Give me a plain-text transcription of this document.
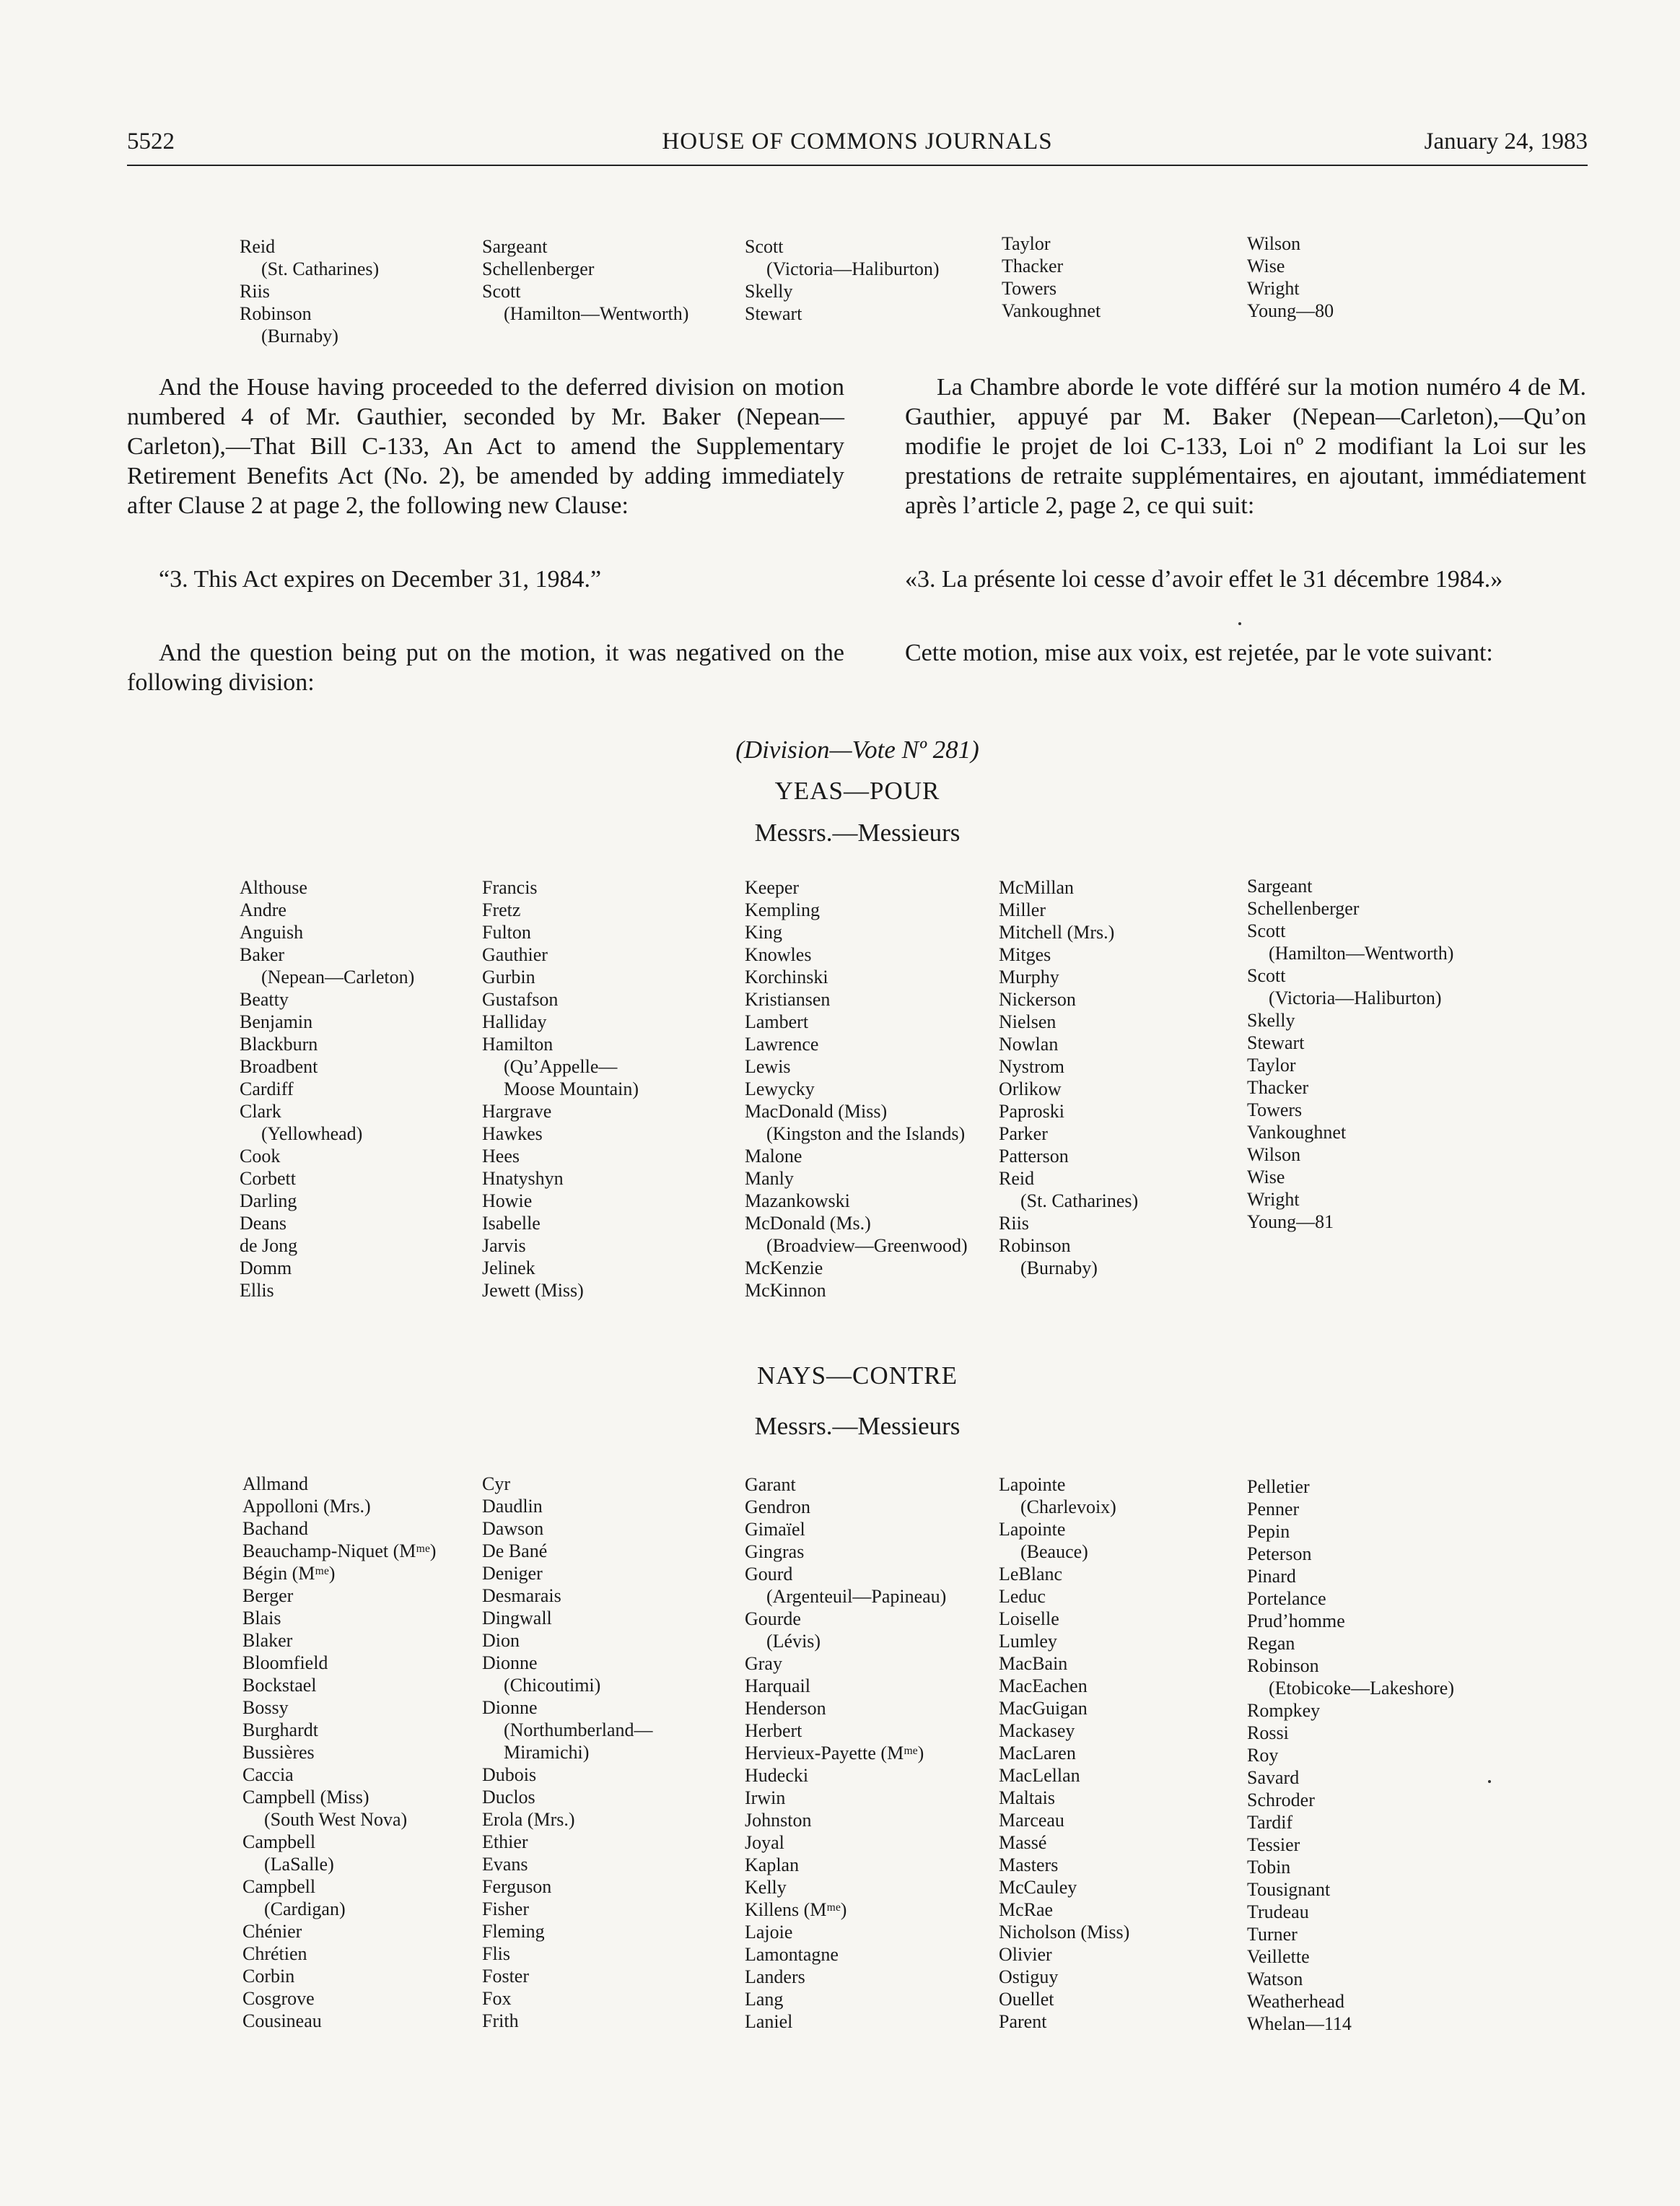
5522	HOUSE OF COMMONS JOURNALS	January 24, 1983
Reid
(St. Catharines)
Riis
Robinson
(Burnaby)
Sargeant
Schellenberger
Scott
(Hamilton—Wentworth)
Scott
(Victoria—Haliburton)
Skelly
Stewart
Taylor
Thacker
Towers
Vankoughnet
Wilson
Wise
Wright
Young—80

And the House having proceeded to the deferred division on motion numbered 4 of Mr. Gauthier, seconded by Mr. Baker (Nepean—Carleton),—That Bill C-133, An Act to amend the Supplementary Retirement Benefits Act (No. 2), be amended by adding immediately after Clause 2 at page 2, the following new Clause:

“3. This Act expires on December 31, 1984.”

And the question being put on the motion, it was negatived on the following division:

La Chambre aborde le vote différé sur la motion numéro 4 de M. Gauthier, appuyé par M. Baker (Nepean—Carleton),—Qu’on modifie le projet de loi C-133, Loi nº 2 modifiant la Loi sur les prestations de retraite supplémentaires, en ajoutant, immédiatement après l’article 2, page 2, ce qui suit:

«3. La présente loi cesse d’avoir effet le 31 décembre 1984.»

Cette motion, mise aux voix, est rejetée, par le vote suivant:

(Division—Vote Nº 281)
YEAS—POUR
Messrs.—Messieurs
Althouse
Andre
Anguish
Baker
(Nepean—Carleton)
Beatty
Benjamin
Blackburn
Broadbent
Cardiff
Clark
(Yellowhead)
Cook
Corbett
Darling
Deans
de Jong
Domm
Ellis
Francis
Fretz
Fulton
Gauthier
Gurbin
Gustafson
Halliday
Hamilton
(Qu’Appelle—
Moose Mountain)
Hargrave
Hawkes
Hees
Hnatyshyn
Howie
Isabelle
Jarvis
Jelinek
Jewett (Miss)
Keeper
Kempling
King
Knowles
Korchinski
Kristiansen
Lambert
Lawrence
Lewis
Lewycky
MacDonald (Miss)
(Kingston and the Islands)
Malone
Manly
Mazankowski
McDonald (Ms.)
(Broadview—Greenwood)
McKenzie
McKinnon
McMillan
Miller
Mitchell (Mrs.)
Mitges
Murphy
Nickerson
Nielsen
Nowlan
Nystrom
Orlikow
Paproski
Parker
Patterson
Reid
(St. Catharines)
Riis
Robinson
(Burnaby)
Sargeant
Schellenberger
Scott
(Hamilton—Wentworth)
Scott
(Victoria—Haliburton)
Skelly
Stewart
Taylor
Thacker
Towers
Vankoughnet
Wilson
Wise
Wright
Young—81
NAYS—CONTRE
Messrs.—Messieurs
Allmand
Appolloni (Mrs.)
Bachand
Beauchamp-Niquet (Mᵐᵉ)
Bégin (Mᵐᵉ)
Berger
Blais
Blaker
Bloomfield
Bockstael
Bossy
Burghardt
Bussières
Caccia
Campbell (Miss)
(South West Nova)
Campbell
(LaSalle)
Campbell
(Cardigan)
Chénier
Chrétien
Corbin
Cosgrove
Cousineau
Cyr
Daudlin
Dawson
De Bané
Deniger
Desmarais
Dingwall
Dion
Dionne
(Chicoutimi)
Dionne
(Northumberland—
Miramichi)
Dubois
Duclos
Erola (Mrs.)
Ethier
Evans
Ferguson
Fisher
Fleming
Flis
Foster
Fox
Frith
Garant
Gendron
Gimaïel
Gingras
Gourd
(Argenteuil—Papineau)
Gourde
(Lévis)
Gray
Harquail
Henderson
Herbert
Hervieux-Payette (Mᵐᵉ)
Hudecki
Irwin
Johnston
Joyal
Kaplan
Kelly
Killens (Mᵐᵉ)
Lajoie
Lamontagne
Landers
Lang
Laniel
Lapointe
(Charlevoix)
Lapointe
(Beauce)
LeBlanc
Leduc
Loiselle
Lumley
MacBain
MacEachen
MacGuigan
Mackasey
MacLaren
MacLellan
Maltais
Marceau
Massé
Masters
McCauley
McRae
Nicholson (Miss)
Olivier
Ostiguy
Ouellet
Parent
Pelletier
Penner
Pepin
Peterson
Pinard
Portelance
Prud’homme
Regan
Robinson
(Etobicoke—Lakeshore)
Rompkey
Rossi
Roy
Savard
Schroder
Tardif
Tessier
Tobin
Tousignant
Trudeau
Turner
Veillette
Watson
Weatherhead
Whelan—114
